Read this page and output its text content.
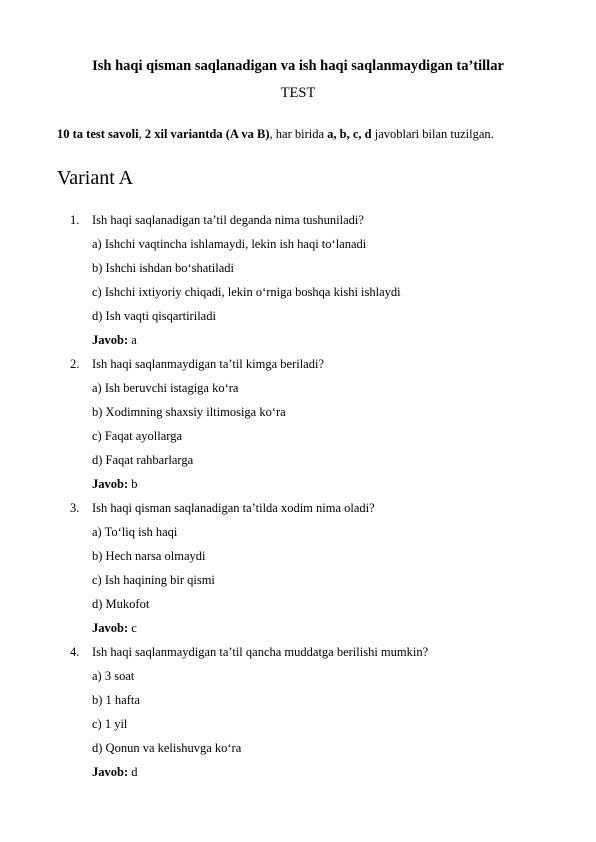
Ish haqi qisman saqlanadigan va ish haqi saqlanmaydigan ta’tillar
TEST
10 ta test savoli, 2 xil variantda (A va B), har birida a, b, c, d javoblari bilan tuzilgan.
Variant A
1. Ish haqi saqlanadigan ta’til deganda nima tushuniladi?
a) Ishchi vaqtincha ishlamaydi, lekin ish haqi to‘lanadi
b) Ishchi ishdan bo‘shatiladi
c) Ishchi ixtiyoriy chiqadi, lekin o‘rniga boshqa kishi ishlaydi
d) Ish vaqti qisqartiriladi
Javob: a
2. Ish haqi saqlanmaydigan ta’til kimga beriladi?
a) Ish beruvchi istagiga ko‘ra
b) Xodimning shaxsiy iltimosiga ko‘ra
c) Faqat ayollarga
d) Faqat rahbarlarga
Javob: b
3. Ish haqi qisman saqlanadigan ta’tilda xodim nima oladi?
a) To‘liq ish haqi
b) Hech narsa olmaydi
c) Ish haqining bir qismi
d) Mukofot
Javob: c
4. Ish haqi saqlanmaydigan ta’til qancha muddatga berilishi mumkin?
a) 3 soat
b) 1 hafta
c) 1 yil
d) Qonun va kelishuvga ko‘ra
Javob: d
